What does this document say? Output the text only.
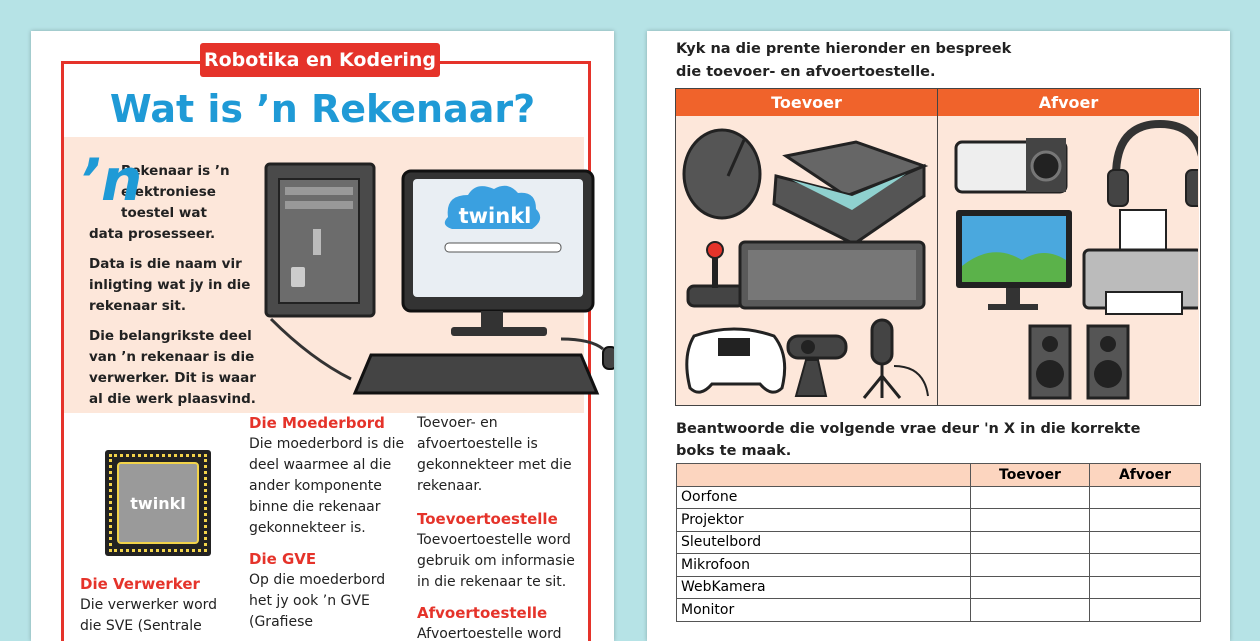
Robotika en Kodering
Wat is ’n Rekenaar?
’n

Rekenaar is ’n
elektroniese
toestel wat
data prosesseer.

Data is die naam vir inligting wat jy in die rekenaar sit.

Die belangrikste deel van ’n rekenaar is die verwerker. Dit is waar al die werk plaasvind.

twinkl
twinkl
Die Verwerker

Die verwerker word die SVE (Sentrale

Die Moederbord

Die moederbord is die deel waarmee al die ander komponente binne die rekenaar gekonnekteer is.

Die GVE

Op die moederbord het jy ook ’n GVE (Grafiese

Toevoer- en afvoertoestelle is gekonnekteer met die rekenaar.

Toevoertoestelle

Toevoertoestelle word gebruik om informasie in die rekenaar te sit.

Afvoertoestelle

Afvoertoestelle word

Kyk na die prente hieronder en bespreek
die toevoer- en afvoertoestelle.
Toevoer	Afvoer
Beantwoorde die volgende vrae deur 'n X in die korrekte
boks te maak.
	Toevoer	Afvoer
Oorfone		
Projektor		
Sleutelbord		
Mikrofoon		
WebKamera		
Monitor		
